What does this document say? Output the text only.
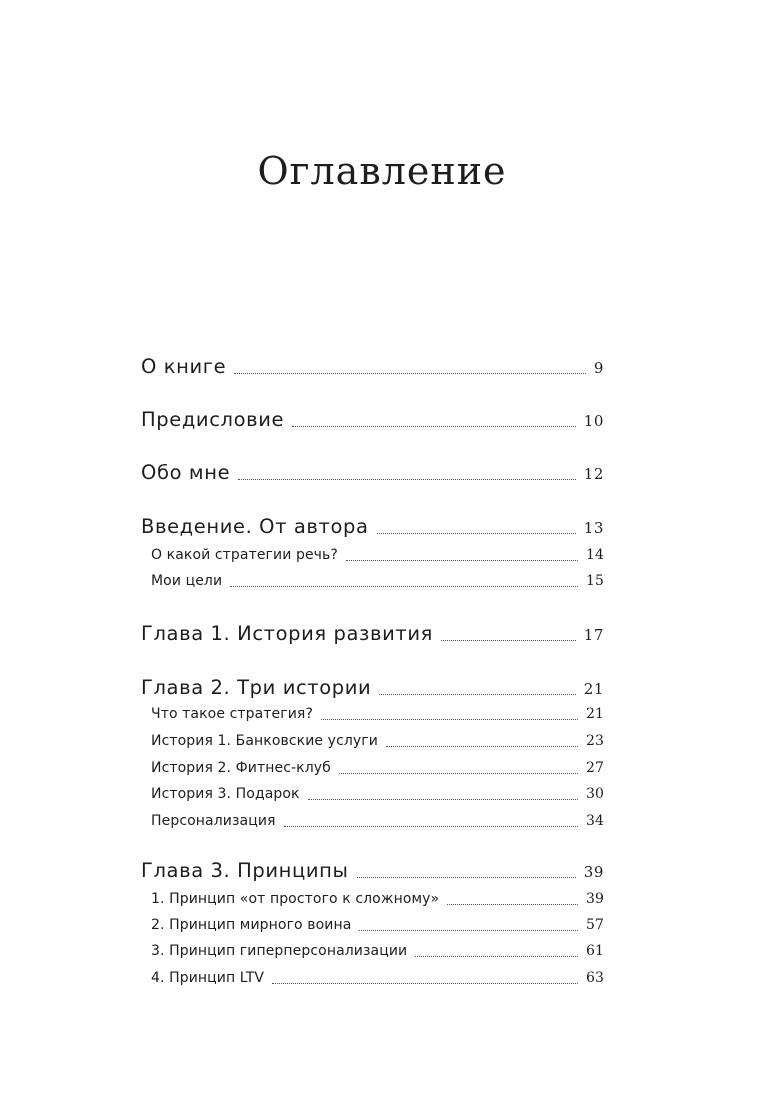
Оглавление
О книге	9
Предисловие	10
Обо мне	12
Введение. От автора	13
О какой стратегии речь?	14
Мои цели	15
Глава 1. История развития	17
Глава 2. Три истории	21
Что такое стратегия?	21
История 1. Банковские услуги	23
История 2. Фитнес-клуб	27
История 3. Подарок	30
Персонализация	34
Глава 3. Принципы	39
1. Принцип «от простого к сложному»	39
2. Принцип мирного воина	57
3. Принцип гиперперсонализации	61
4. Принцип LTV	63
